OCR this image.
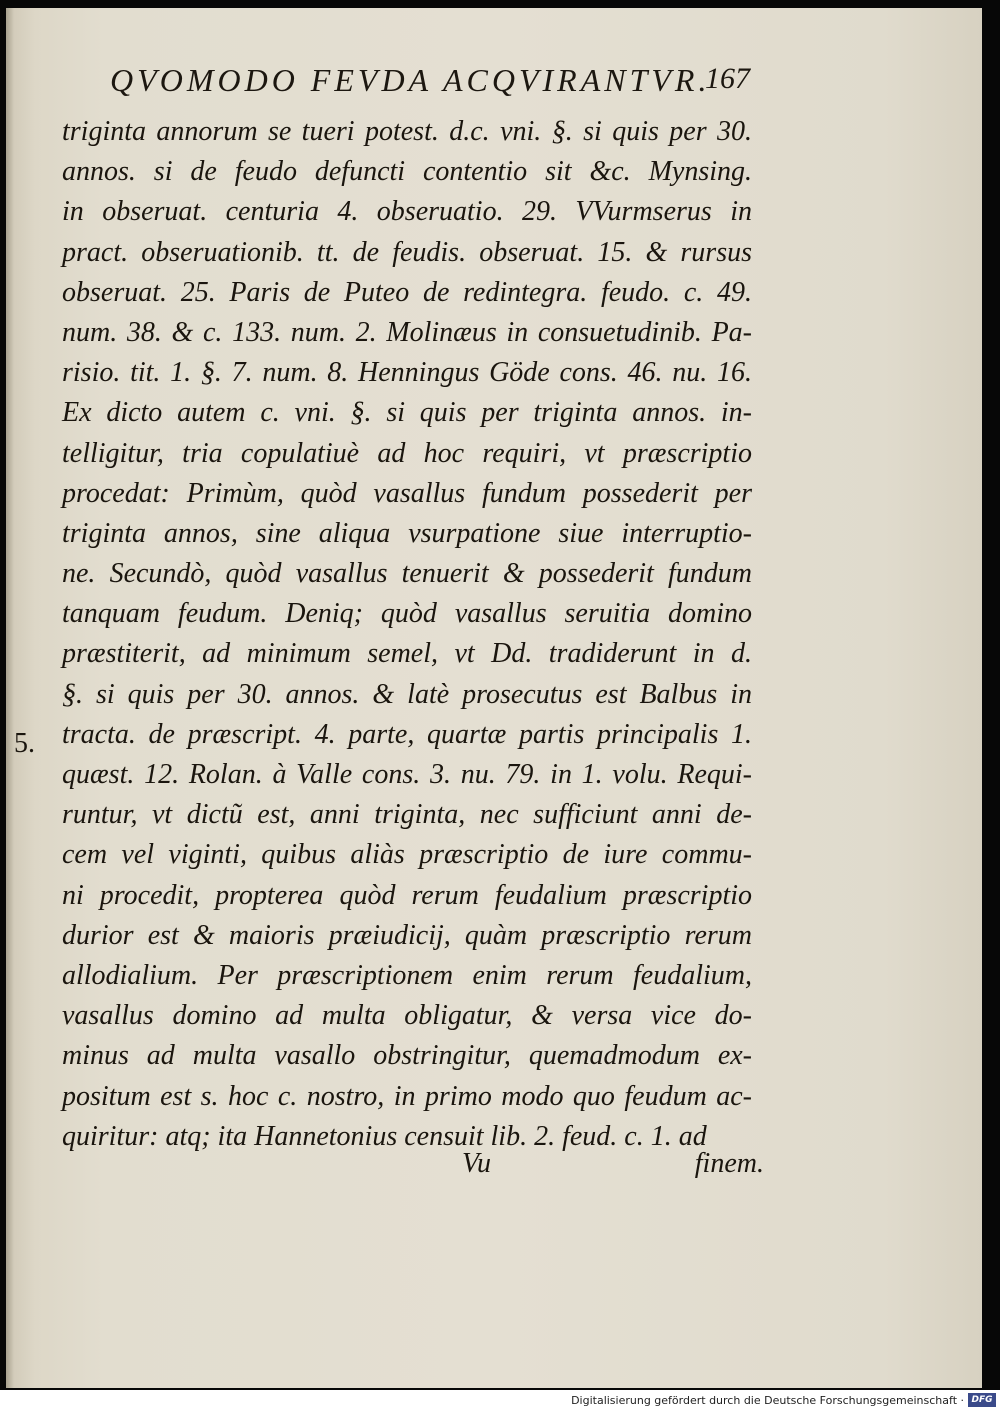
QVOMODO FEVDA ACQVIRANTVR.
167
5.
triginta annorum se tueri potest. d.c. vni. §. si quis per 30.
annos. si de feudo defuncti contentio sit &c. Mynsing.
in obseruat. centuria 4. obseruatio. 29. VVurmserus in
pract. obseruationib. tt. de feudis. obseruat. 15. & rursus
obseruat. 25. Paris de Puteo de redintegra. feudo. c. 49.
num. 38. & c. 133. num. 2. Molinæus in consuetudinib. Pa-
risio. tit. 1. §. 7. num. 8. Henningus Göde cons. 46. nu. 16.
Ex dicto autem c. vni. §. si quis per triginta annos. in-
telligitur, tria copulatiuè ad hoc requiri, vt præscriptio
procedat: Primùm, quòd vasallus fundum possederit per
triginta annos, sine aliqua vsurpatione siue interruptio-
ne. Secundò, quòd vasallus tenuerit & possederit fundum
tanquam feudum. Deniq; quòd vasallus seruitia domino
præstiterit, ad minimum semel, vt Dd. tradiderunt in d.
§. si quis per 30. annos. & latè prosecutus est Balbus in
tracta. de præscript. 4. parte, quartæ partis principalis 1.
quæst. 12. Rolan. à Valle cons. 3. nu. 79. in 1. volu. Requi-
runtur, vt dictũ est, anni triginta, nec sufficiunt anni de-
cem vel viginti, quibus aliàs præscriptio de iure commu-
ni procedit, propterea quòd rerum feudalium præscriptio
durior est & maioris præiudicij, quàm præscriptio rerum
allodialium. Per præscriptionem enim rerum feudalium,
vasallus domino ad multa obligatur, & versa vice do-
minus ad multa vasallo obstringitur, quemadmodum ex-
positum est s. hoc c. nostro, in primo modo quo feudum ac-
quiritur: atq; ita Hannetonius censuit lib. 2. feud. c. 1. ad
Vu	finem.
Digitalisierung gefördert durch die Deutsche Forschungsgemeinschaft · DFG
